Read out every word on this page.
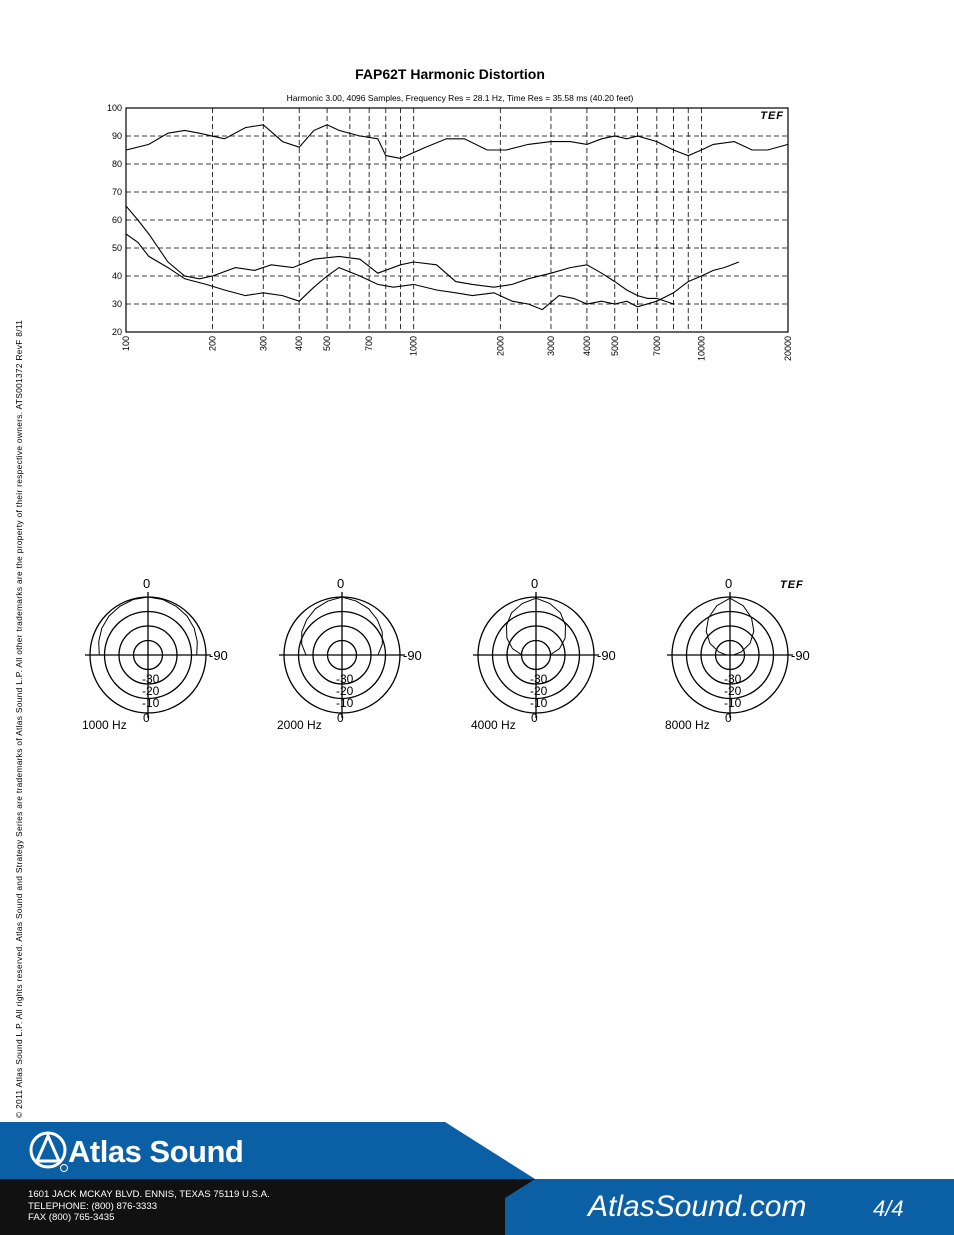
© 2011 Atlas Sound L.P. All rights reserved. Atlas Sound and Strategy Series are trademarks of Atlas Sound L.P. All other trademarks are the property of their respective owners. ATS001372 RevF 8/11
FAP62T Harmonic Distortion
Harmonic 3.00, 4096 Samples, Frequency Res = 28.1 Hz, Time Res = 35.58 ms (40.20 feet)
100
90
80
70
60
50
40
30
20
100	200	300	400 500	700	1000	2000	3000	4000 5000	7000	10000	20000
TEF
0
-90
-30
-20
-10
0
0
-90
-30
-20
-10
0
0
-90
-30
-20
-10
0
0
-90
-30
-20
-10
0
TEF
1000 Hz	2000 Hz	4000 Hz	8000 Hz
Atlas Sound
1601 JACK MCKAY BLVD. ENNIS, TEXAS 75119 U.S.A.
TELEPHONE: (800) 876-3333
FAX (800) 765-3435	AtlasSound.com	4/4
